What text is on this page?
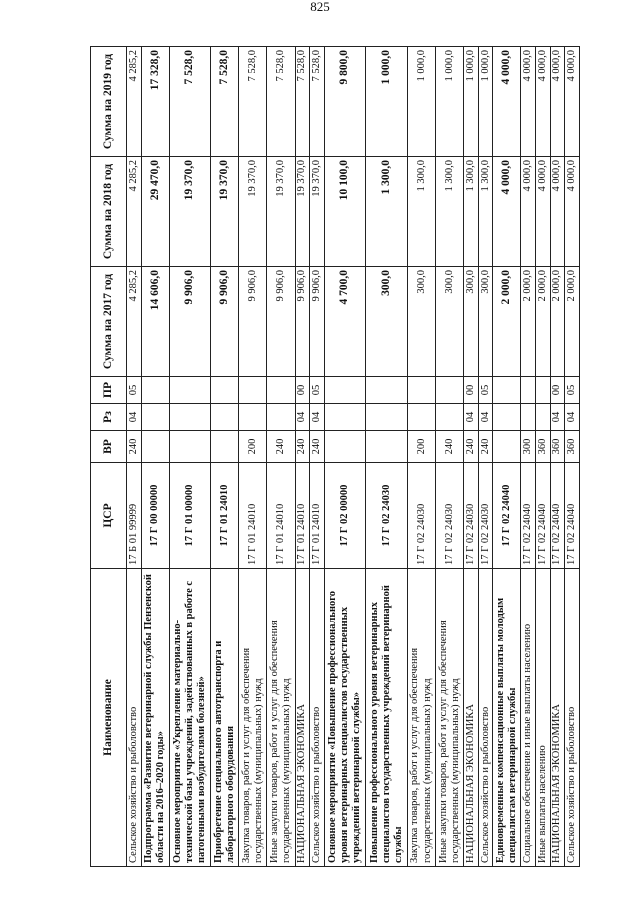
825
Наименование	ЦСР	ВР	Рз	ПР	Сумма на 2017 год	Сумма на 2018 год	Сумма на 2019 год
Сельское хозяйство и рыболовство	17 Б 01 99999	240	04	05	4 285,2	4 285,2	4 285,2
Подпрограмма «Развитие ветеринарной службы Пензенской области на 2016–2020 годы»	17 Г 00 00000				14 606,0	29 470,0	17 328,0
Основное мероприятие «Укрепление материально-технической базы учреждений, задействованных в работе с патогенными возбудителями болезней»	17 Г 01 00000				9 906,0	19 370,0	7 528,0
Приобретение специального автотранспорта и лабораторного оборудования	17 Г 01 24010				9 906,0	19 370,0	7 528,0
Закупка товаров, работ и услуг для обеспечения государственных (муниципальных) нужд	17 Г 01 24010	200			9 906,0	19 370,0	7 528,0
Иные закупки товаров, работ и услуг для обеспечения государственных (муниципальных) нужд	17 Г 01 24010	240			9 906,0	19 370,0	7 528,0
НАЦИОНАЛЬНАЯ ЭКОНОМИКА	17 Г 01 24010	240	04	00	9 906,0	19 370,0	7 528,0
Сельское хозяйство и рыболовство	17 Г 01 24010	240	04	05	9 906,0	19 370,0	7 528,0
Основное мероприятие «Повышение профессионального уровня ветеринарных специалистов государственных учреждений ветеринарной службы»	17 Г 02 00000				4 700,0	10 100,0	9 800,0
Повышение профессионального уровня ветеринарных специалистов государственных учреждений ветеринарной службы	17 Г 02 24030				300,0	1 300,0	1 000,0
Закупка товаров, работ и услуг для обеспечения государственных (муниципальных) нужд	17 Г 02 24030	200			300,0	1 300,0	1 000,0
Иные закупки товаров, работ и услуг для обеспечения государственных (муниципальных) нужд	17 Г 02 24030	240			300,0	1 300,0	1 000,0
НАЦИОНАЛЬНАЯ ЭКОНОМИКА	17 Г 02 24030	240	04	00	300,0	1 300,0	1 000,0
Сельское хозяйство и рыболовство	17 Г 02 24030	240	04	05	300,0	1 300,0	1 000,0
Единовременные компенсационные выплаты молодым специалистам ветеринарной службы	17 Г 02 24040				2 000,0	4 000,0	4 000,0
Социальное обеспечение и иные выплаты населению	17 Г 02 24040	300			2 000,0	4 000,0	4 000,0
Иные выплаты населению	17 Г 02 24040	360			2 000,0	4 000,0	4 000,0
НАЦИОНАЛЬНАЯ ЭКОНОМИКА	17 Г 02 24040	360	04	00	2 000,0	4 000,0	4 000,0
Сельское хозяйство и рыболовство	17 Г 02 24040	360	04	05	2 000,0	4 000,0	4 000,0
